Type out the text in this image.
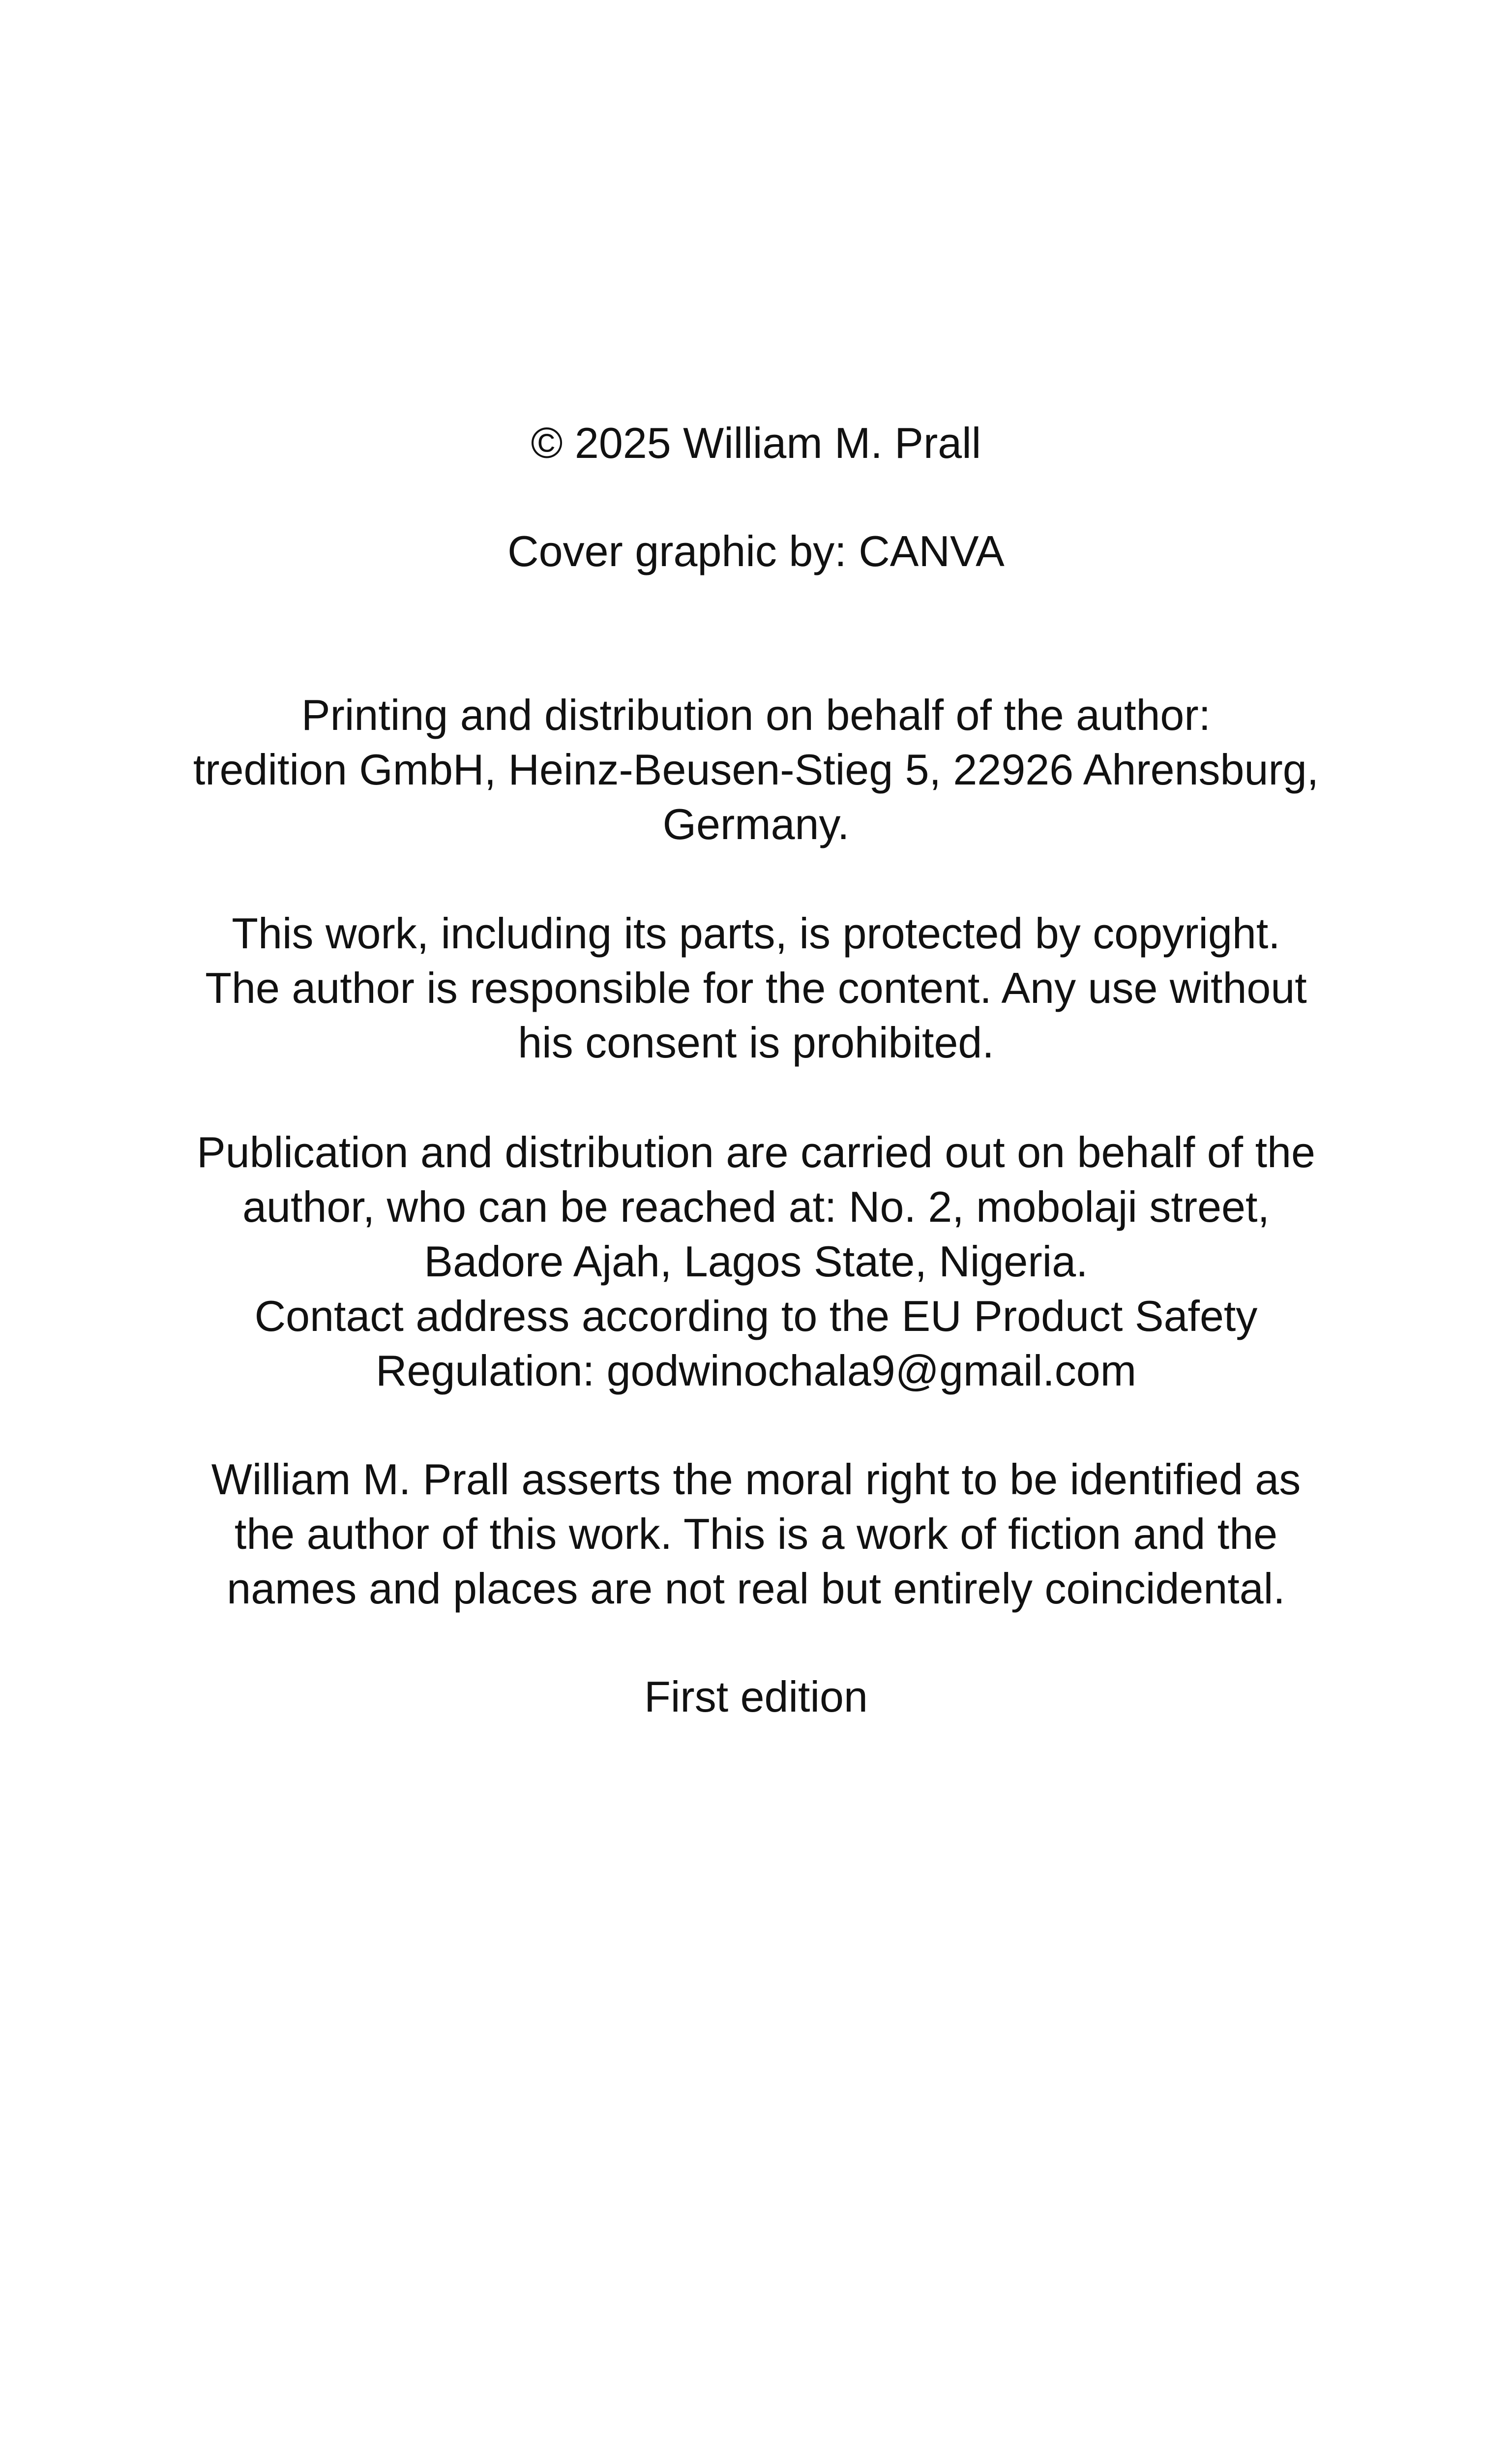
© 2025 William M. Prall

Cover graphic by: CANVA

Printing and distribution on behalf of the author:
tredition GmbH, Heinz-Beusen-Stieg 5, 22926 Ahrensburg,
Germany.

This work, including its parts, is protected by copyright.
The author is responsible for the content. Any use without
his consent is prohibited.

Publication and distribution are carried out on behalf of the
author, who can be reached at: No. 2, mobolaji street,
Badore Ajah, Lagos State, Nigeria.
Contact address according to the EU Product Safety
Regulation: godwinochala9@gmail.com

William M. Prall asserts the moral right to be identified as
the author of this work. This is a work of fiction and the
names and places are not real but entirely coincidental.

First edition
